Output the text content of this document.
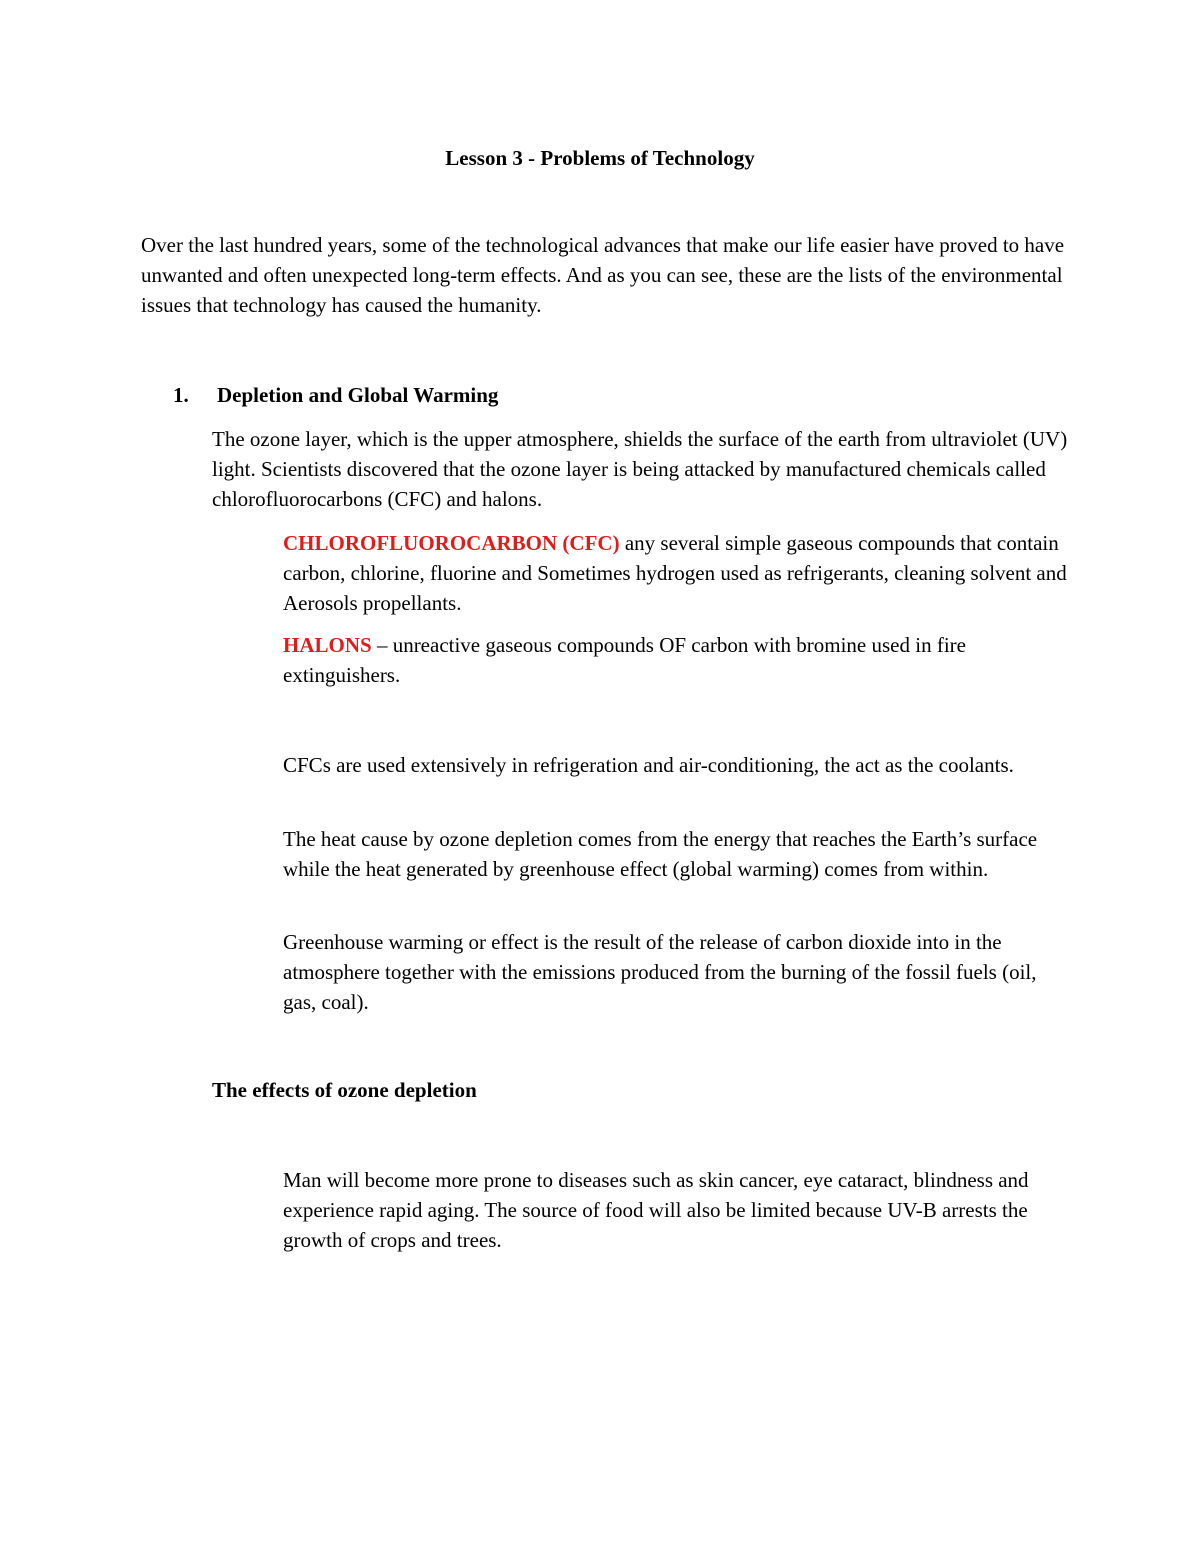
Lesson 3 - Problems of Technology
Over the last hundred years, some of the technological advances that make our life easier have proved to have unwanted and often unexpected long-term effects. And as you can see, these are the lists of the environmental issues that technology has caused the humanity.
1. Depletion and Global Warming
The ozone layer, which is the upper atmosphere, shields the surface of the earth from ultraviolet (UV) light. Scientists discovered that the ozone layer is being attacked by manufactured chemicals called chlorofluorocarbons (CFC) and halons.
CHLOROFLUOROCARBON (CFC) any several simple gaseous compounds that contain carbon, chlorine, fluorine and Sometimes hydrogen used as refrigerants, cleaning solvent and Aerosols propellants.
HALONS – unreactive gaseous compounds OF carbon with bromine used in fire extinguishers.
CFCs are used extensively in refrigeration and air-conditioning, the act as the coolants.
The heat cause by ozone depletion comes from the energy that reaches the Earth’s surface while the heat generated by greenhouse effect (global warming) comes from within.
Greenhouse warming or effect is the result of the release of carbon dioxide into in the atmosphere together with the emissions produced from the burning of the fossil fuels (oil, gas, coal).
The effects of ozone depletion
Man will become more prone to diseases such as skin cancer, eye cataract, blindness and experience rapid aging. The source of food will also be limited because UV-B arrests the growth of crops and trees.
